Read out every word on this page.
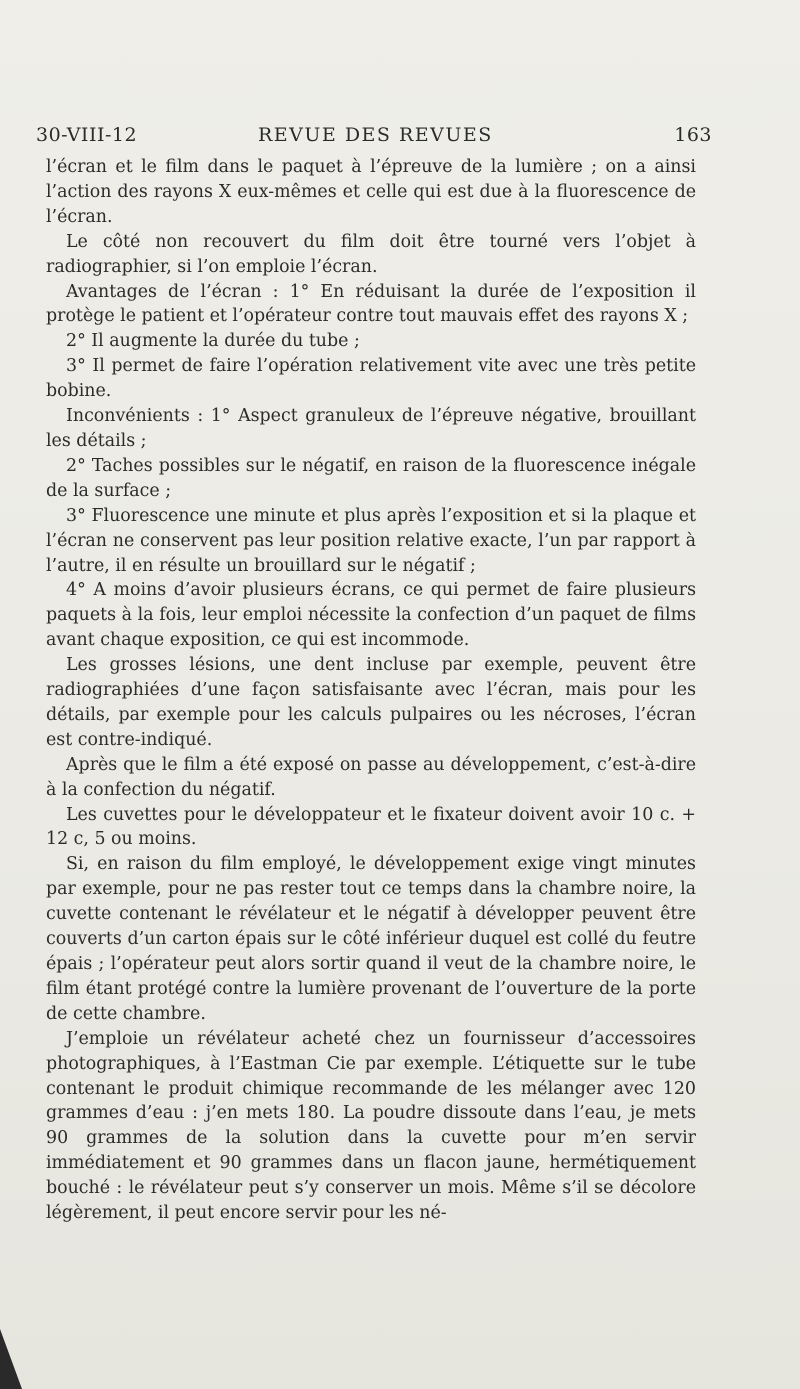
30-VIII-12	REVUE DES REVUES	163

l’écran et le film dans le paquet à l’épreuve de la lumière ; on a ainsi l’action des rayons X eux-mêmes et celle qui est due à la fluorescence de l’écran.

Le côté non recouvert du film doit être tourné vers l’objet à radiographier, si l’on emploie l’écran.

Avantages de l’écran : 1° En réduisant la durée de l’exposition il protège le patient et l’opérateur contre tout mauvais effet des rayons X ;

2° Il augmente la durée du tube ;

3° Il permet de faire l’opération relativement vite avec une très petite bobine.

Inconvénients : 1° Aspect granuleux de l’épreuve négative, brouillant les détails ;

2° Taches possibles sur le négatif, en raison de la fluorescence inégale de la surface ;

3° Fluorescence une minute et plus après l’exposition et si la plaque et l’écran ne conservent pas leur position relative exacte, l’un par rapport à l’autre, il en résulte un brouillard sur le négatif ;

4° A moins d’avoir plusieurs écrans, ce qui permet de faire plusieurs paquets à la fois, leur emploi nécessite la confection d’un paquet de films avant chaque exposition, ce qui est incommode.

Les grosses lésions, une dent incluse par exemple, peuvent être radiographiées d’une façon satisfaisante avec l’écran, mais pour les détails, par exemple pour les calculs pulpaires ou les nécroses, l’écran est contre-indiqué.

Après que le film a été exposé on passe au développement, c’est-à-dire à la confection du négatif.

Les cuvettes pour le développateur et le fixateur doivent avoir 10 c. + 12 c, 5 ou moins.

Si, en raison du film employé, le développement exige vingt minutes par exemple, pour ne pas rester tout ce temps dans la chambre noire, la cuvette contenant le révélateur et le négatif à développer peuvent être couverts d’un carton épais sur le côté inférieur duquel est collé du feutre épais ; l’opérateur peut alors sortir quand il veut de la chambre noire, le film étant protégé contre la lumière provenant de l’ouverture de la porte de cette chambre.

J’emploie un révélateur acheté chez un fournisseur d’accessoires photographiques, à l’Eastman Cie par exemple. L’étiquette sur le tube contenant le produit chimique recommande de les mélanger avec 120 grammes d’eau : j’en mets 180. La poudre dissoute dans l’eau, je mets 90 grammes de la solution dans la cuvette pour m’en servir immédiatement et 90 grammes dans un flacon jaune, hermétiquement bouché : le révélateur peut s’y conserver un mois. Même s’il se décolore légèrement, il peut encore servir pour les né-
